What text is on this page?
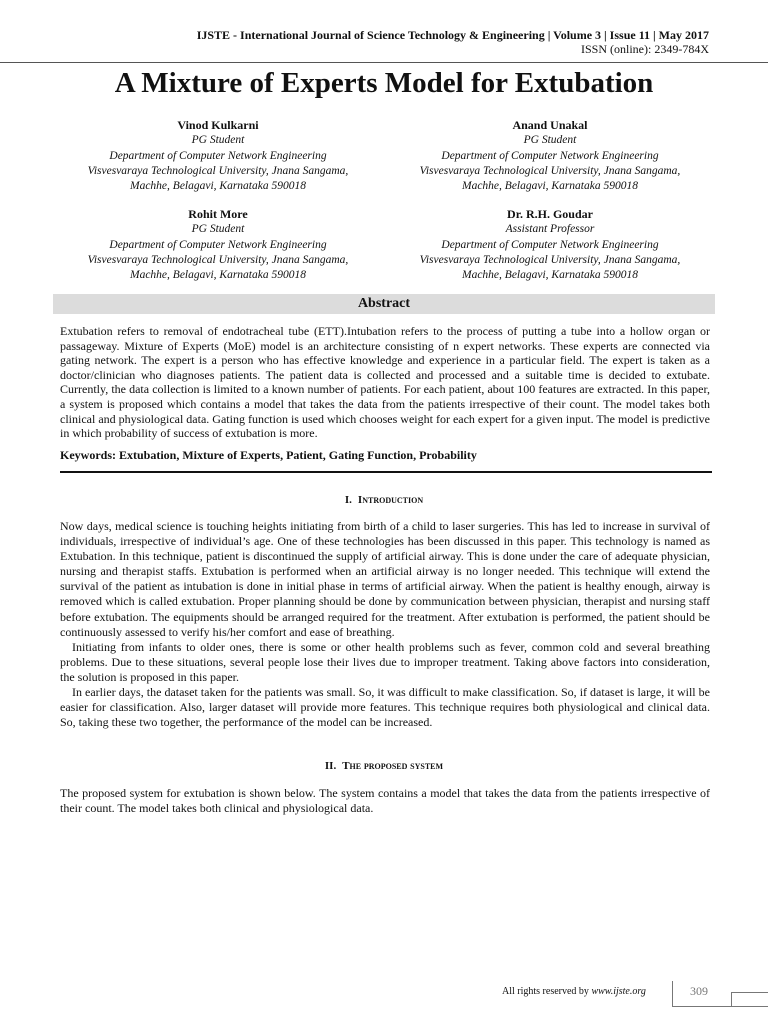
IJSTE - International Journal of Science Technology & Engineering | Volume 3 | Issue 11 | May 2017
ISSN (online): 2349-784X
A Mixture of Experts Model for Extubation
Vinod Kulkarni
PG Student
Department of Computer Network Engineering
Visvesvaraya Technological University, Jnana Sangama,
Machhe, Belagavi, Karnataka 590018
Anand Unakal
PG Student
Department of Computer Network Engineering
Visvesvaraya Technological University, Jnana Sangama,
Machhe, Belagavi, Karnataka 590018
Rohit More
PG Student
Department of Computer Network Engineering
Visvesvaraya Technological University, Jnana Sangama,
Machhe, Belagavi, Karnataka 590018
Dr. R.H. Goudar
Assistant Professor
Department of Computer Network Engineering
Visvesvaraya Technological University, Jnana Sangama,
Machhe, Belagavi, Karnataka 590018
Abstract
Extubation refers to removal of endotracheal tube (ETT).Intubation refers to the process of putting a tube into a hollow organ or passageway. Mixture of Experts (MoE) model is an architecture consisting of n expert networks. These experts are connected via gating network. The expert is a person who has effective knowledge and experience in a particular field. The expert is taken as a doctor/clinician who diagnoses patients. The patient data is collected and processed and a suitable time is decided to extubate. Currently, the data collection is limited to a known number of patients. For each patient, about 100 features are extracted. In this paper, a system is proposed which contains a model that takes the data from the patients irrespective of their count. The model takes both clinical and physiological data. Gating function is used which chooses weight for each expert for a given input. The model is predictive in which probability of success of extubation is more.
Keywords: Extubation, Mixture of Experts, Patient, Gating Function, Probability
I. Introduction

Now days, medical science is touching heights initiating from birth of a child to laser surgeries. This has led to increase in survival of individuals, irrespective of individual’s age. One of these technologies has been discussed in this paper. This technology is named as Extubation. In this technique, patient is discontinued the supply of artificial airway. This is done under the care of adequate physician, nursing and therapist staffs. Extubation is performed when an artificial airway is no longer needed. This technique will extend the survival of the patient as intubation is done in initial phase in terms of artificial airway. When the patient is healthy enough, airway is removed which is called extubation. Proper planning should be done by communication between physician, therapist and nursing staff before extubation. The equipments should be arranged required for the treatment. After extubation is performed, the patient should be continuously assessed to verify his/her comfort and ease of breathing.

Initiating from infants to older ones, there is some or other health problems such as fever, common cold and several breathing problems. Due to these situations, several people lose their lives due to improper treatment. Taking above factors into consideration, the solution is proposed in this paper.

In earlier days, the dataset taken for the patients was small. So, it was difficult to make classification. So, if dataset is large, it will be easier for classification. Also, larger dataset will provide more features. This technique requires both physiological and clinical data. So, taking these two together, the performance of the model can be increased.

II. The proposed system

The proposed system for extubation is shown below. The system contains a model that takes the data from the patients irrespective of their count. The model takes both clinical and physiological data.

All rights reserved by www.ijste.org	309
